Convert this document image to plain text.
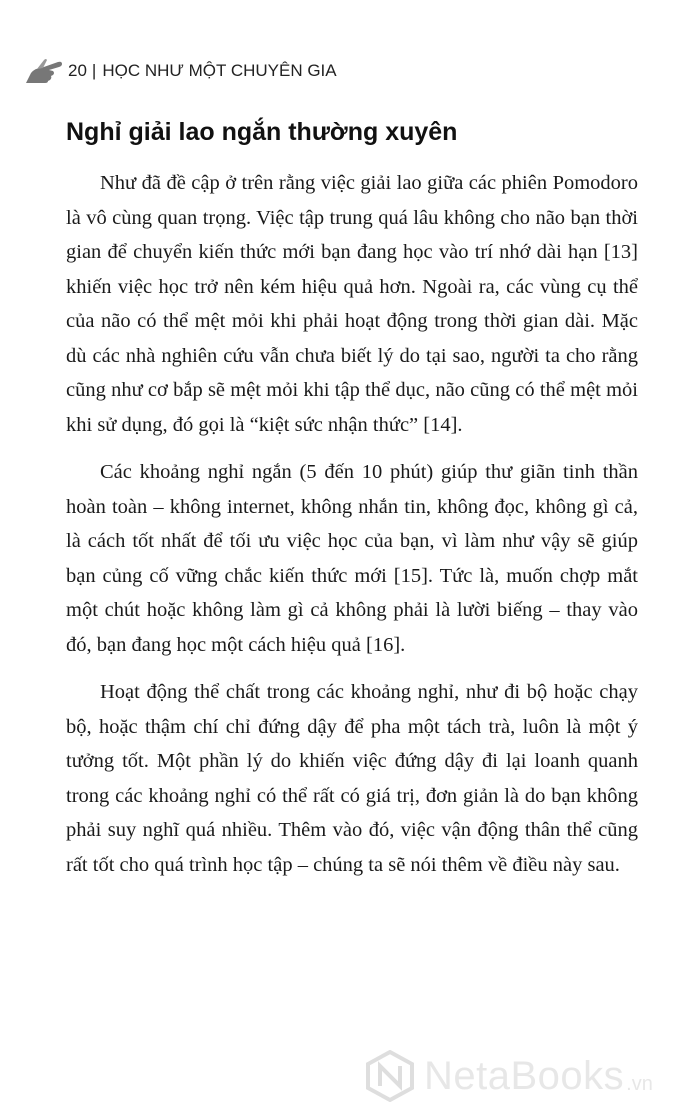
20 | HỌC NHƯ MỘT CHUYÊN GIA
Nghỉ giải lao ngắn thường xuyên

Như đã đề cập ở trên rằng việc giải lao giữa các phiên Pomodoro là vô cùng quan trọng. Việc tập trung quá lâu không cho não bạn thời gian để chuyển kiến thức mới bạn đang học vào trí nhớ dài hạn [13] khiến việc học trở nên kém hiệu quả hơn. Ngoài ra, các vùng cụ thể của não có thể mệt mỏi khi phải hoạt động trong thời gian dài. Mặc dù các nhà nghiên cứu vẫn chưa biết lý do tại sao, người ta cho rằng cũng như cơ bắp sẽ mệt mỏi khi tập thể dục, não cũng có thể mệt mỏi khi sử dụng, đó gọi là “kiệt sức nhận thức” [14].

Các khoảng nghỉ ngắn (5 đến 10 phút) giúp thư giãn tinh thần hoàn toàn – không internet, không nhắn tin, không đọc, không gì cả, là cách tốt nhất để tối ưu việc học của bạn, vì làm như vậy sẽ giúp bạn củng cố vững chắc kiến thức mới [15]. Tức là, muốn chợp mắt một chút hoặc không làm gì cả không phải là lười biếng – thay vào đó, bạn đang học một cách hiệu quả [16].

Hoạt động thể chất trong các khoảng nghỉ, như đi bộ hoặc chạy bộ, hoặc thậm chí chỉ đứng dậy để pha một tách trà, luôn là một ý tưởng tốt. Một phần lý do khiến việc đứng dậy đi lại loanh quanh trong các khoảng nghỉ có thể rất có giá trị, đơn giản là do bạn không phải suy nghĩ quá nhiều. Thêm vào đó, việc vận động thân thể cũng rất tốt cho quá trình học tập – chúng ta sẽ nói thêm về điều này sau.

NetaBooks .vn
